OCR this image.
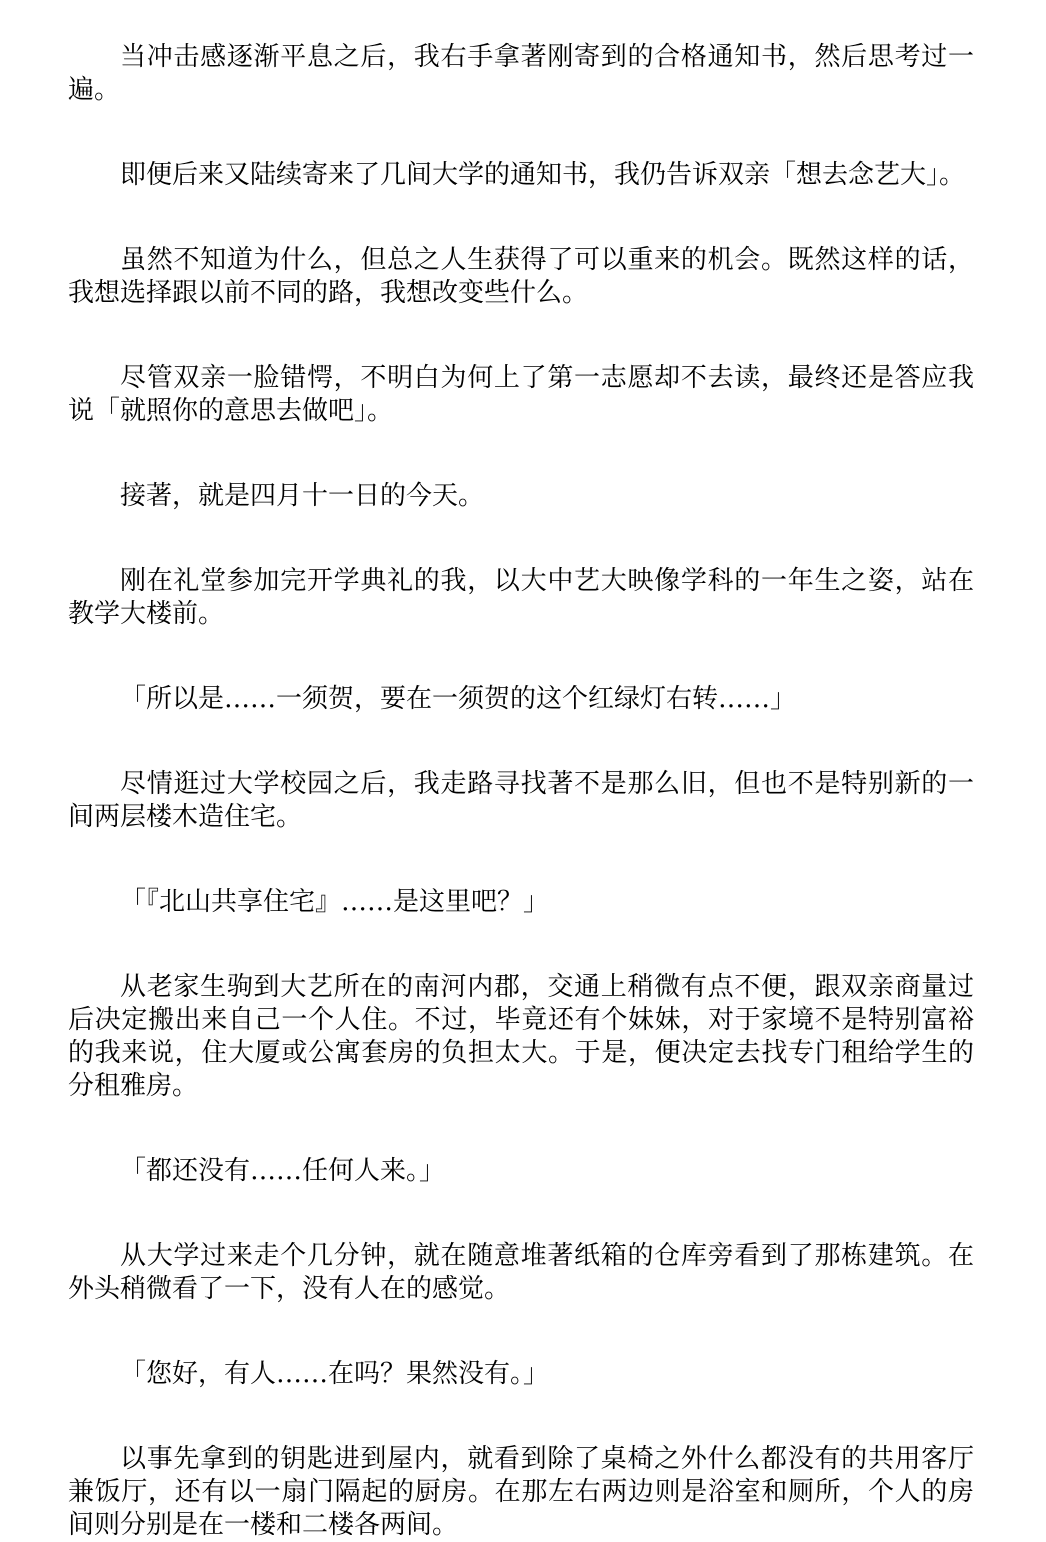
当冲击感逐渐平息之后，我右手拿著刚寄到的合格通知书，然后思考过一遍。

即便后来又陆续寄来了几间大学的通知书，我仍告诉双亲「想去念艺大」。

虽然不知道为什么，但总之人生获得了可以重来的机会。既然这样的话，我想选择跟以前不同的路，我想改变些什么。

尽管双亲一脸错愕，不明白为何上了第一志愿却不去读，最终还是答应我说「就照你的意思去做吧」。

接著，就是四月十一日的今天。

刚在礼堂参加完开学典礼的我，以大中艺大映像学科的一年生之姿，站在教学大楼前。

「所以是……一须贺，要在一须贺的这个红绿灯右转……」

尽情逛过大学校园之后，我走路寻找著不是那么旧，但也不是特别新的一间两层楼木造住宅。

「『北山共享住宅』……是这里吧？」

从老家生驹到大艺所在的南河内郡，交通上稍微有点不便，跟双亲商量过后决定搬出来自己一个人住。不过，毕竟还有个妹妹，对于家境不是特别富裕的我来说，住大厦或公寓套房的负担太大。于是，便决定去找专门租给学生的分租雅房。

「都还没有……任何人来。」

从大学过来走个几分钟，就在随意堆著纸箱的仓库旁看到了那栋建筑。在外头稍微看了一下，没有人在的感觉。

「您好，有人……在吗？果然没有。」

以事先拿到的钥匙进到屋内，就看到除了桌椅之外什么都没有的共用客厅兼饭厅，还有以一扇门隔起的厨房。在那左右两边则是浴室和厕所，个人的房间则分别是在一楼和二楼各两间。
